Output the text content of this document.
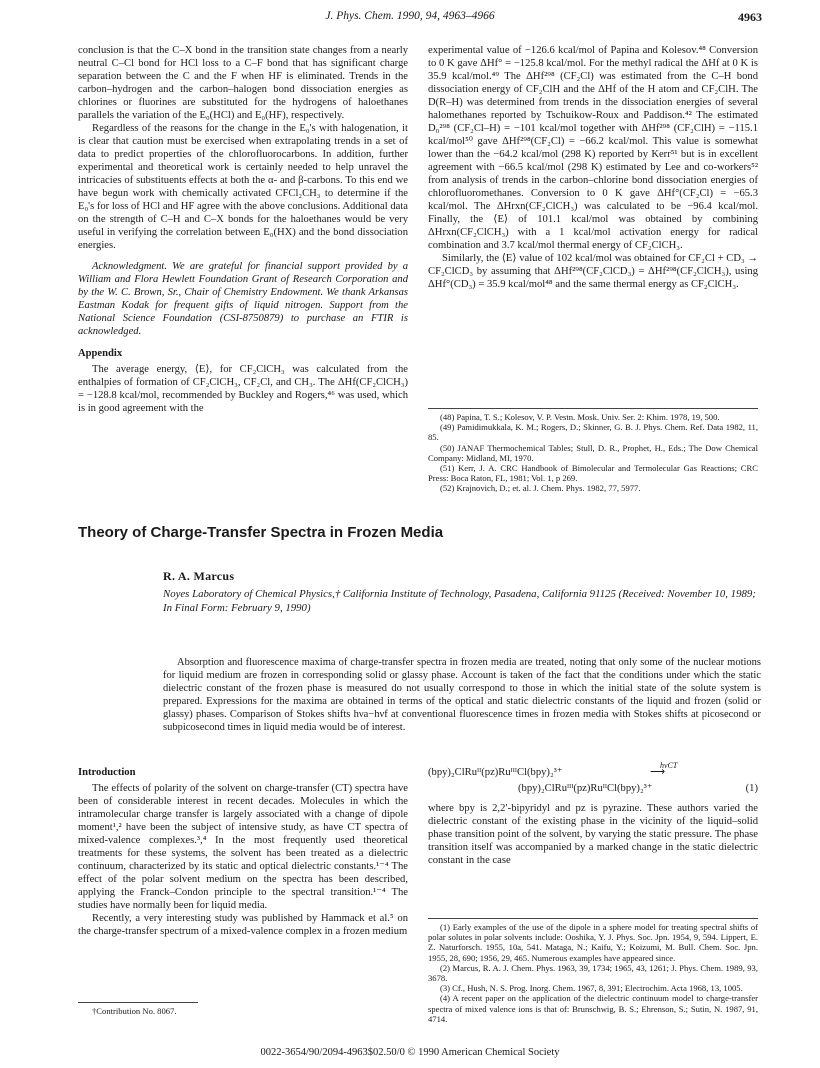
J. Phys. Chem. 1990, 94, 4963–4966	4963

conclusion is that the C–X bond in the transition state changes from a nearly neutral C–Cl bond for HCl loss to a C–F bond that has significant charge separation between the C and the F when HF is eliminated. Trends in the carbon–hydrogen and the carbon–halogen bond dissociation energies as chlorines or fluorines are substituted for the hydrogens of haloethanes parallels the variation of the E₀(HCl) and E₀(HF), respectively.

Regardless of the reasons for the change in the E₀'s with halogenation, it is clear that caution must be exercised when extrapolating trends in a set of data to predict properties of the chlorofluorocarbons. In addition, further experimental and theoretical work is certainly needed to help unravel the intricacies of substituents effects at both the α- and β-carbons. To this end we have begun work with chemically activated CFCl₂CH₃ to determine if the E₀'s for loss of HCl and HF agree with the above conclusions. Additional data on the strength of C–H and C–X bonds for the haloethanes would be very useful in verifying the correlation between E₀(HX) and the bond dissociation energies.

Acknowledgment. We are grateful for financial support provided by a William and Flora Hewlett Foundation Grant of Research Corporation and by the W. C. Brown, Sr., Chair of Chemistry Endowment. We thank Arkansas Eastman Kodak for frequent gifts of liquid nitrogen. Support from the National Science Foundation (CSI-8750879) to purchase an FTIR is acknowledged.

Appendix

The average energy, ⟨E⟩, for CF₂ClCH₃ was calculated from the enthalpies of formation of CF₂ClCH₃, CF₂Cl, and CH₃. The ΔHf(CF₂ClCH₃) = −128.8 kcal/mol, recommended by Buckley and Rogers,⁴⁶ was used, which is in good agreement with the

experimental value of −126.6 kcal/mol of Papina and Kolesov.⁴⁸ Conversion to 0 K gave ΔHf° = −125.8 kcal/mol. For the methyl radical the ΔHf at 0 K is 35.9 kcal/mol.⁴⁹ The ΔHf²⁹⁸ (CF₂Cl) was estimated from the C–H bond dissociation energy of CF₂ClH and the ΔHf of the H atom and CF₂ClH. The D(R–H) was determined from trends in the dissociation energies of several halomethanes reported by Tschuikow-Roux and Paddison.⁴² The estimated D₀²⁹⁸ (CF₂Cl–H) = −101 kcal/mol together with ΔHf²⁹⁸ (CF₂ClH) = −115.1 kcal/mol⁵⁰ gave ΔHf²⁹⁸(CF₂Cl) = −66.2 kcal/mol. This value is somewhat lower than the −64.2 kcal/mol (298 K) reported by Kerr⁵¹ but is in excellent agreement with −66.5 kcal/mol (298 K) estimated by Lee and co-workers⁵² from analysis of trends in the carbon–chlorine bond dissociation energies of chlorofluoromethanes. Conversion to 0 K gave ΔHf°(CF₂Cl) = −65.3 kcal/mol. The ΔHrxn(CF₂ClCH₃) was calculated to be −96.4 kcal/mol. Finally, the ⟨E⟩ of 101.1 kcal/mol was obtained by combining ΔHrxn(CF₂ClCH₃) with a 1 kcal/mol activation energy for radical combination and 3.7 kcal/mol thermal energy of CF₂ClCH₃.

Similarly, the ⟨E⟩ value of 102 kcal/mol was obtained for CF₂Cl + CD₃ → CF₂ClCD₃ by assuming that ΔHf²⁹⁸(CF₂ClCD₃) = ΔHf²⁹⁸(CF₂ClCH₃), using ΔHf°(CD₃) = 35.9 kcal/mol⁴⁸ and the same thermal energy as CF₂ClCH₃.

(48) Papina, T. S.; Kolesov, V. P. Vestn. Mosk. Univ. Ser. 2: Khim. 1978, 19, 500.

(49) Pamidimukkala, K. M.; Rogers, D.; Skinner, G. B. J. Phys. Chem. Ref. Data 1982, 11, 85.

(50) JANAF Thermochemical Tables; Stull, D. R., Prophet, H., Eds.; The Dow Chemical Company: Midland, MI, 1970.

(51) Kerr, J. A. CRC Handbook of Bimolecular and Termolecular Gas Reactions; CRC Press: Boca Raton, FL, 1981; Vol. 1, p 269.

(52) Krajnovich, D.; et. al. J. Chem. Phys. 1982, 77, 5977.

Theory of Charge-Transfer Spectra in Frozen Media
R. A. Marcus
Noyes Laboratory of Chemical Physics,† California Institute of Technology, Pasadena, California 91125 (Received: November 10, 1989; In Final Form: February 9, 1990)
Absorption and fluorescence maxima of charge-transfer spectra in frozen media are treated, noting that only some of the nuclear motions for liquid medium are frozen in corresponding solid or glassy phase. Account is taken of the fact that the conditions under which the static dielectric constant of the frozen phase is measured do not usually correspond to those in which the initial state of the solute system is prepared. Expressions for the maxima are obtained in terms of the optical and static dielectric constants of the liquid and frozen (solid or glassy) phases. Comparison of Stokes shifts hνa−hνf at conventional fluorescence times in frozen media with Stokes shifts at picosecond or subpicosecond times in liquid media would be of interest.
Introduction

The effects of polarity of the solvent on charge-transfer (CT) spectra have been of considerable interest in recent decades. Molecules in which the intramolecular charge transfer is largely associated with a change of dipole moment¹,² have been the subject of intensive study, as have CT spectra of mixed-valence complexes.³,⁴ In the most frequently used theoretical treatments for these systems, the solvent has been treated as a dielectric continuum, characterized by its static and optical dielectric constants.¹⁻⁴ The effect of the polar solvent medium on the spectra has been described, applying the Franck–Condon principle to the spectral transition.¹⁻⁴ The studies have normally been for liquid media.

Recently, a very interesting study was published by Hammack et al.⁵ on the charge-transfer spectrum of a mixed-valence complex in a frozen medium

†Contribution No. 8067.
(bpy)₂ClRuᴵᴵ(pz)RuᴵᴵᴵCl(bpy)₂³⁺
hνCT
⟶
(bpy)₂ClRuᴵᴵᴵ(pz)RuᴵᴵCl(bpy)₂³⁺	(1)

where bpy is 2,2′-bipyridyl and pz is pyrazine. These authors varied the dielectric constant of the existing phase in the vicinity of the liquid–solid phase transition point of the solvent, by varying the static pressure. The phase transition itself was accompanied by a marked change in the static dielectric constant in the case

(1) Early examples of the use of the dipole in a sphere model for treating spectral shifts of polar solutes in polar solvents include: Ooshika, Y. J. Phys. Soc. Jpn. 1954, 9, 594. Lippert, E. Z. Naturforsch. 1955, 10a, 541. Mataga, N.; Kaifu, Y.; Koizumi, M. Bull. Chem. Soc. Jpn. 1955, 28, 690; 1956, 29, 465. Numerous examples have appeared since.

(2) Marcus, R. A. J. Chem. Phys. 1963, 39, 1734; 1965, 43, 1261; J. Phys. Chem. 1989, 93, 3678.

(3) Cf., Hush, N. S. Prog. Inorg. Chem. 1967, 8, 391; Electrochim. Acta 1968, 13, 1005.

(4) A recent paper on the application of the dielectric continuum model to charge-transfer spectra of mixed valence ions is that of: Brunschwig, B. S.; Ehrenson, S.; Sutin, N. 1987, 91, 4714.

0022-3654/90/2094-4963$02.50/0 © 1990 American Chemical Society
